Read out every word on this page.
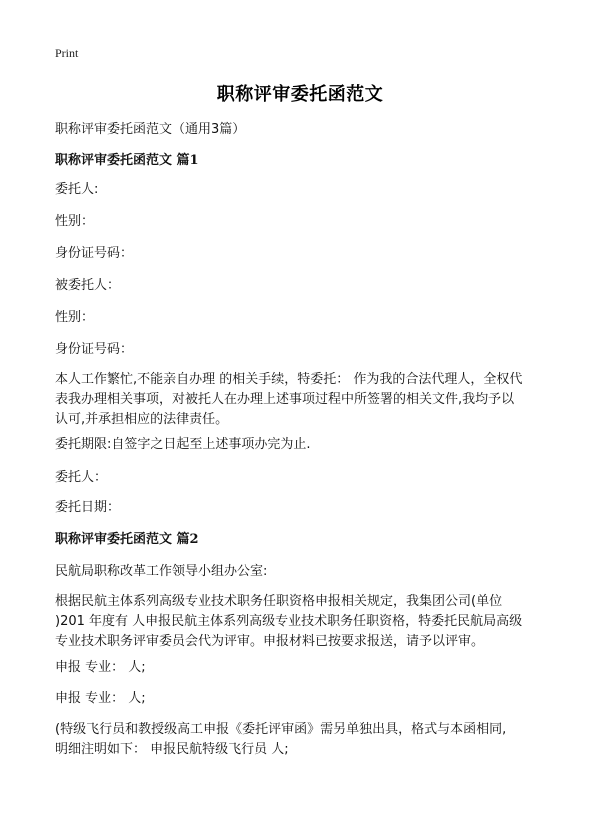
Print
职称评审委托函范文
职称评审委托函范文（通用3篇）
职称评审委托函范文 篇1
委托人:
性别：
身份证号码：
被委托人：
性别：
身份证号码：
本人工作繁忙,不能亲自办理 的相关手续，特委托： 作为我的合法代理人，全权代
表我办理相关事项，对被托人在办理上述事项过程中所签署的相关文件,我均予以
认可,并承担相应的法律责任。
委托期限:自签字之日起至上述事项办完为止.
委托人：
委托日期：
职称评审委托函范文 篇2
民航局职称改革工作领导小组办公室:
根据民航主体系列高级专业技术职务任职资格申报相关规定，我集团公司(单位
)201 年度有 人申报民航主体系列高级专业技术职务任职资格，特委托民航局高级
专业技术职务评审委员会代为评审。申报材料已按要求报送，请予以评审。
申报 专业： 人;
申报 专业： 人;
(特级飞行员和教授级高工申报《委托评审函》需另单独出具，格式与本函相同,
明细注明如下： 申报民航特级飞行员 人;
